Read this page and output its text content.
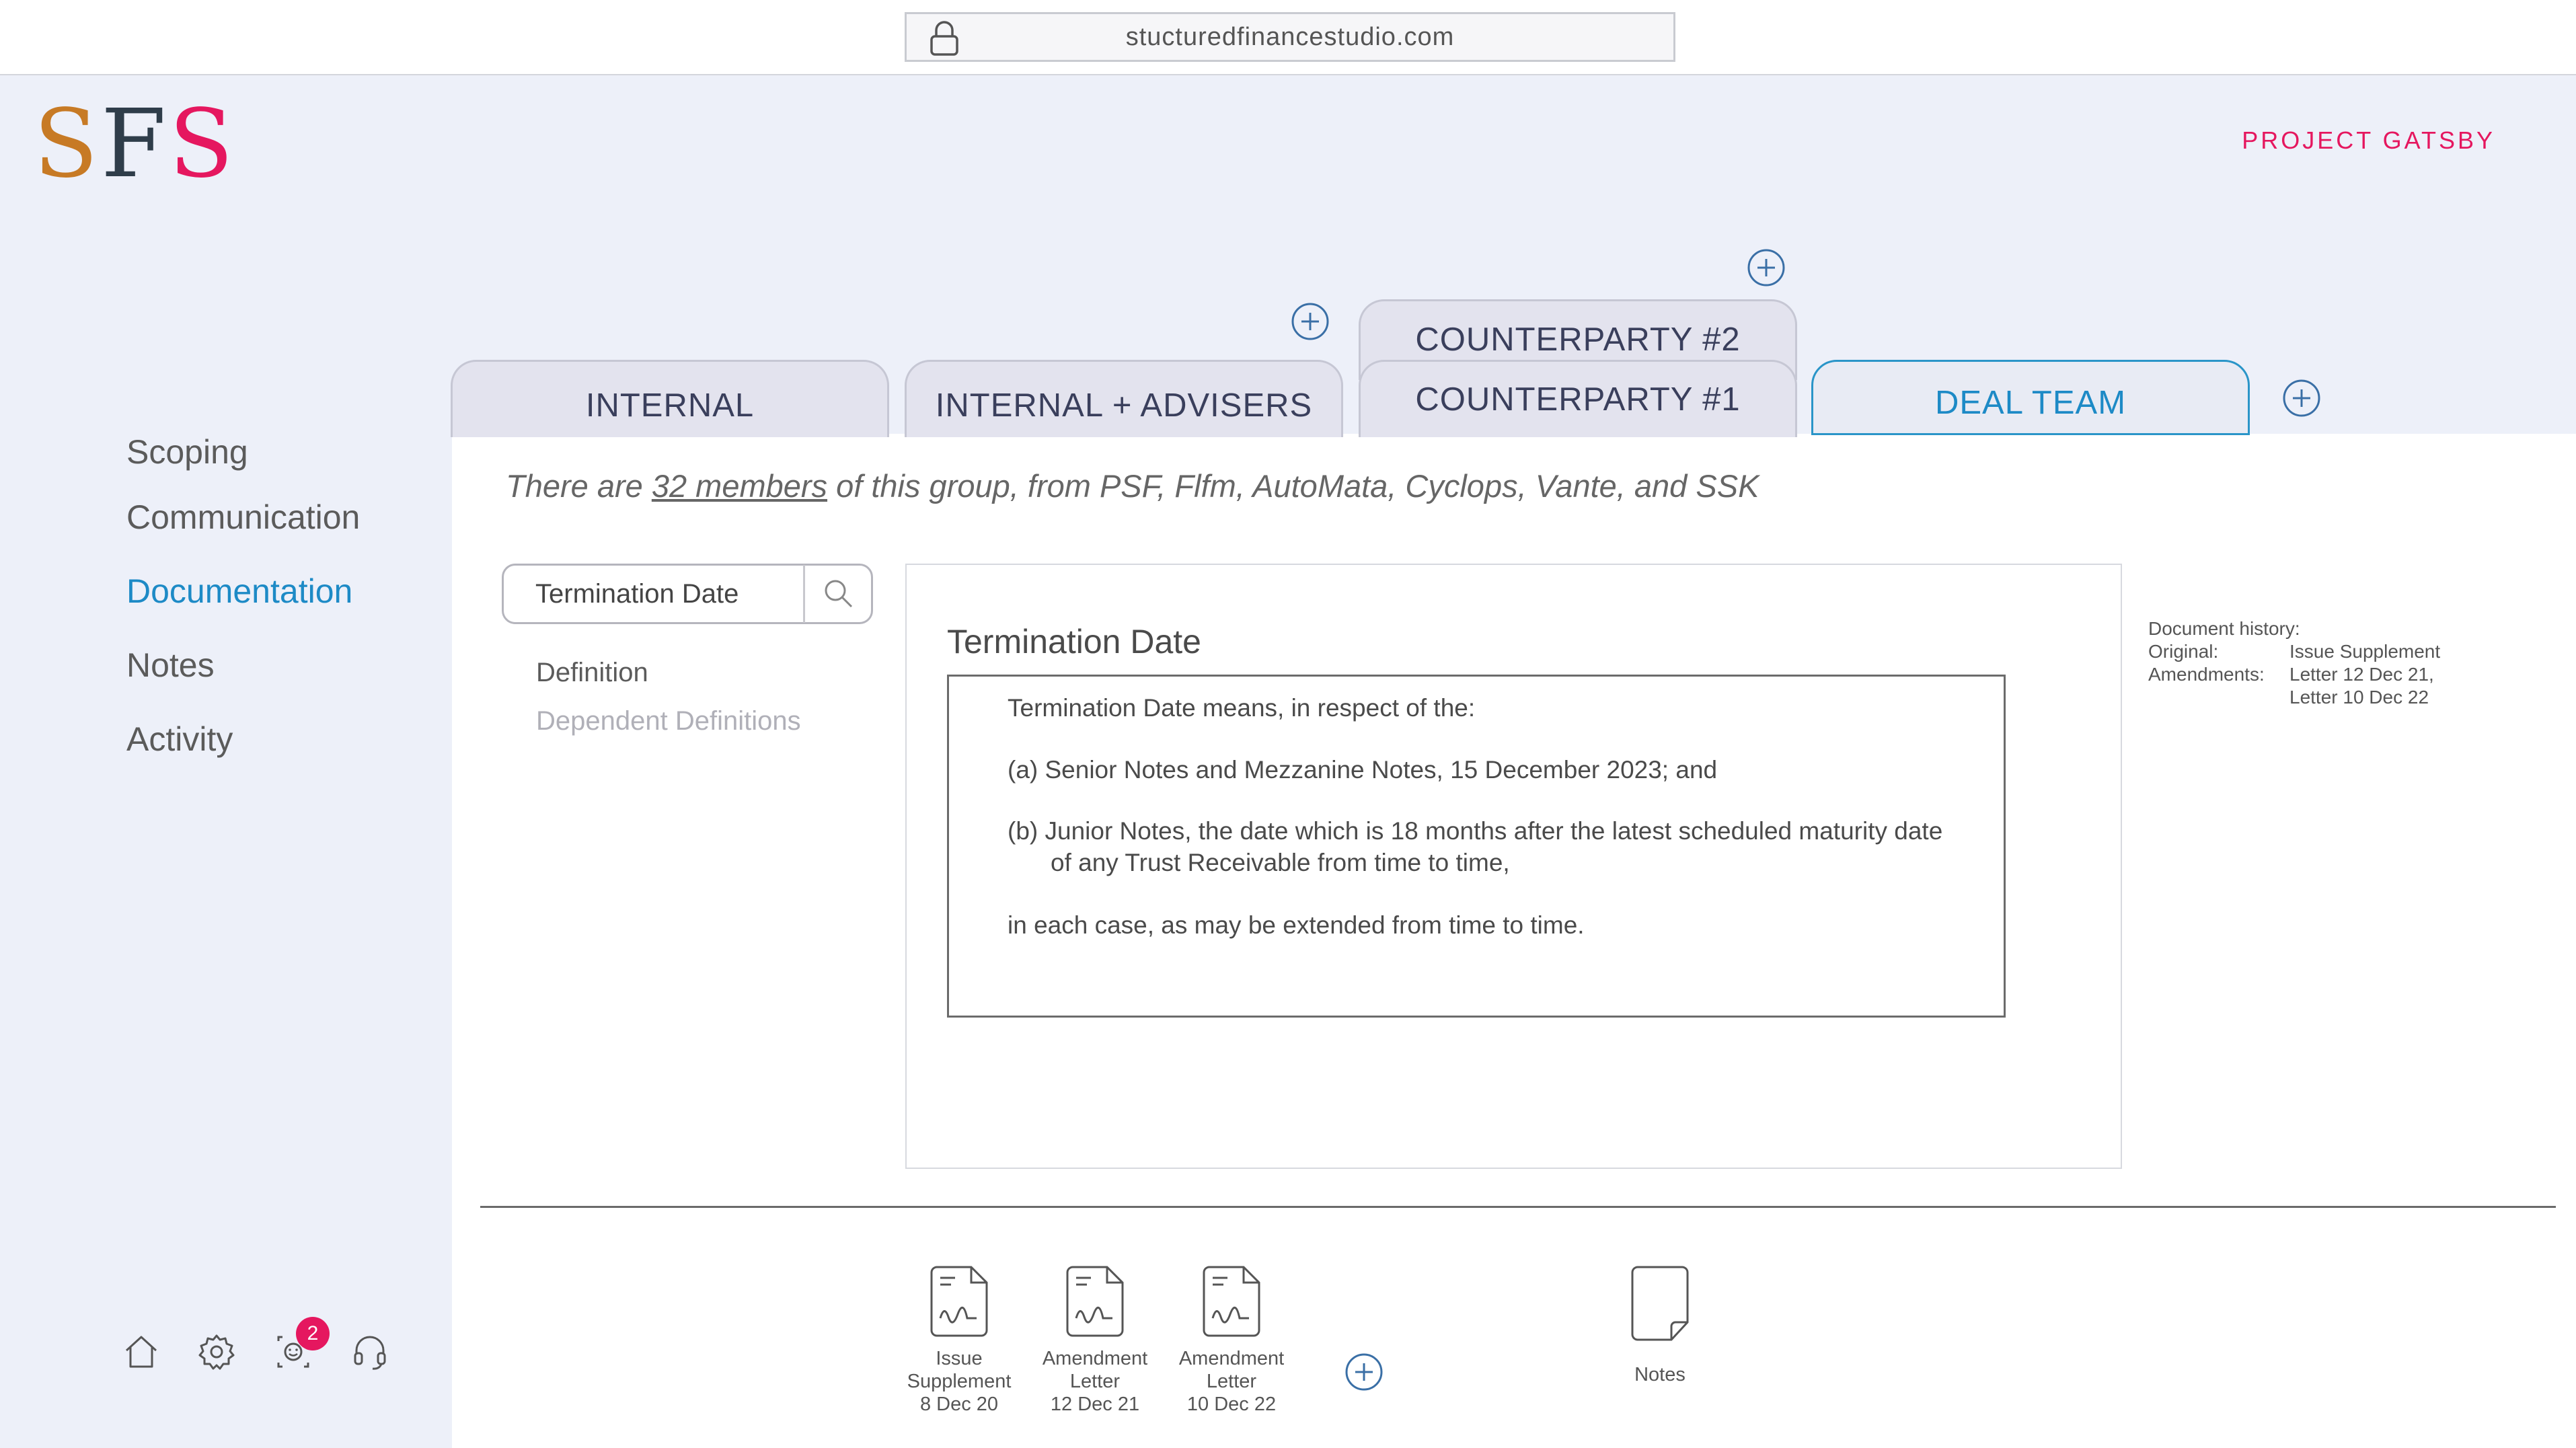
stucturedfinancestudio.com
SFS	PROJECT GATSBY
Scoping
Communication
Documentation
Notes
Activity
2
INTERNAL	INTERNAL + ADVISERS
COUNTERPARTY #2
COUNTERPARTY #1	DEAL TEAM
There are 32 members of this group, from PSF, Flfm, AutoMata, Cyclops, Vante, and SSK
Termination Date
Definition
Dependent Definitions
Termination Date
Termination Date means, in respect of the:
(a) Senior Notes and Mezzanine Notes, 15 December 2023; and
(b) Junior Notes, the date which is 18 months after the latest scheduled maturity date
of any Trust Receivable from time to time,
in each case, as may be extended from time to time.
Document history:
Original:	Issue Supplement
Amendments: Letter 12 Dec 21,
Letter 10 Dec 22
Issue
Supplement
8 Dec 20
Amendment
Letter
12 Dec 21
Amendment
Letter
10 Dec 22
Notes
